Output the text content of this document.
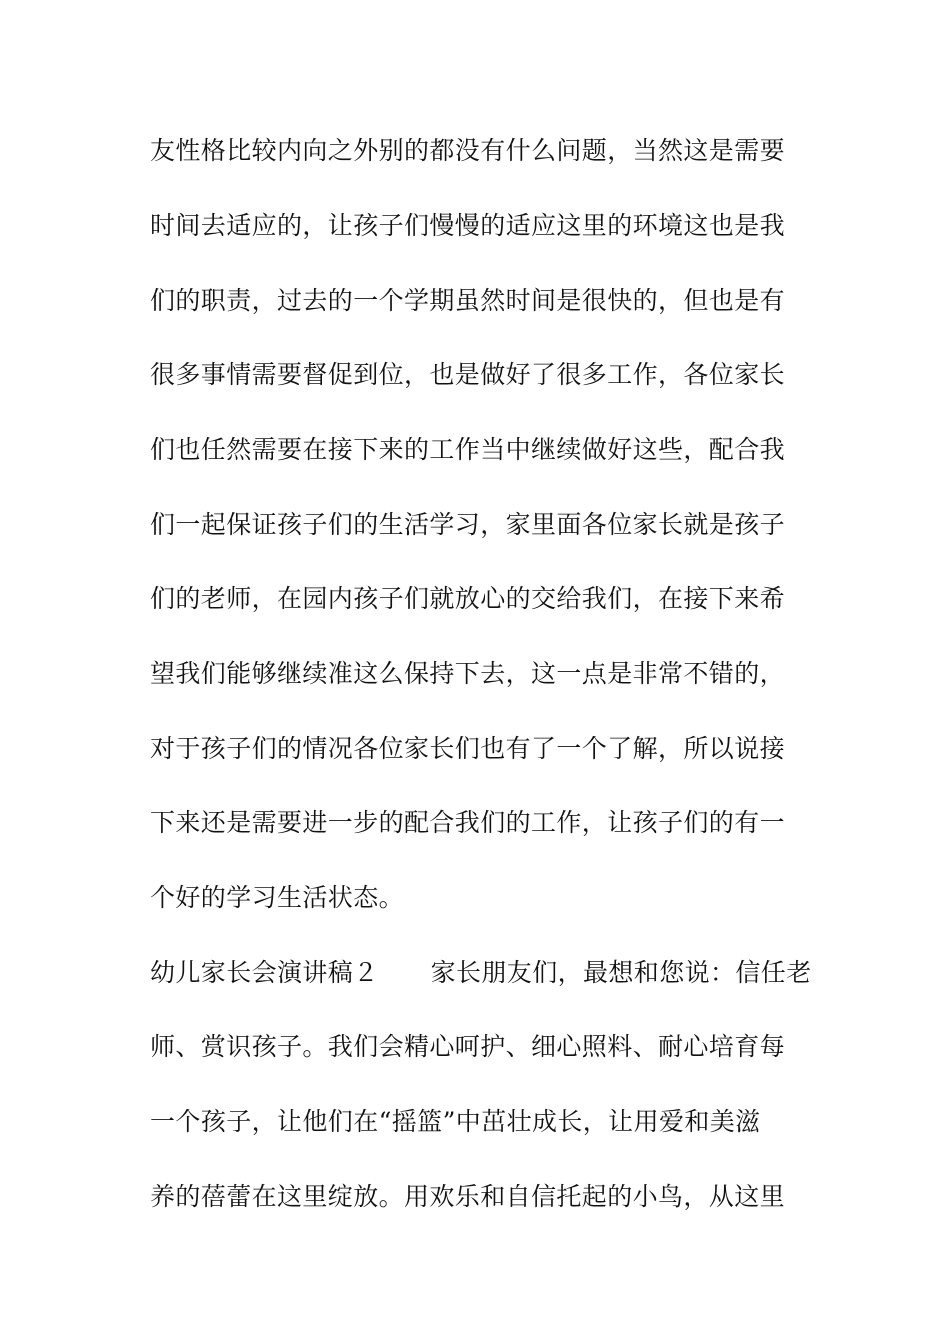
友性格比较内向之外别的都没有什么问题，当然这是需要
时间去适应的，让孩子们慢慢的适应这里的环境这也是我
们的职责，过去的一个学期虽然时间是很快的，但也是有
很多事情需要督促到位，也是做好了很多工作，各位家长
们也任然需要在接下来的工作当中继续做好这些，配合我
们一起保证孩子们的生活学习，家里面各位家长就是孩子
们的老师，在园内孩子们就放心的交给我们，在接下来希
望我们能够继续准这么保持下去，这一点是非常不错的，
对于孩子们的情况各位家长们也有了一个了解，所以说接
下来还是需要进一步的配合我们的工作，让孩子们的有一
个好的学习生活状态。
幼儿家长会演讲稿２ 家长朋友们，最想和您说：信任老
师、赏识孩子。我们会精心呵护、细心照料、耐心培育每
一个孩子，让他们在“摇篮”中茁壮成长，让用爱和美滋
养的蓓蕾在这里绽放。用欢乐和自信托起的小鸟，从这里
